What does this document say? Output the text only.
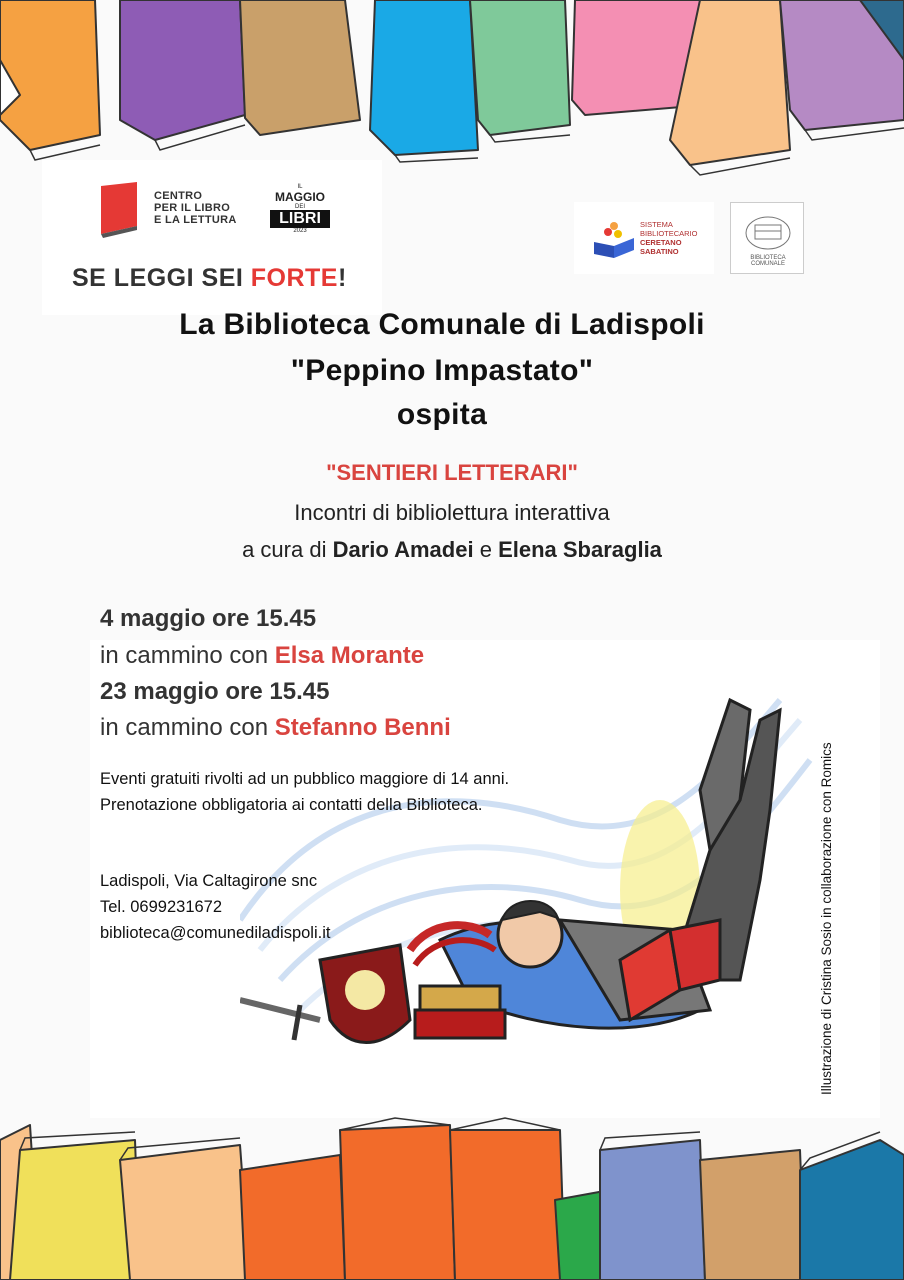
CENTRO
PER IL LIBRO
E LA LETTURA
IL
MAGGIO
DEI
LIBRI
2023
SE LEGGI SEI FORTE!
SISTEMA
BIBLIOTECARIO
CERETANO
SABATINO
BIBLIOTECA COMUNALE
La Biblioteca Comunale di Ladispoli
"Peppino Impastato"
ospita
"SENTIERI LETTERARI"
Incontri di bibliolettura interattiva
a cura di Dario Amadei e Elena Sbaraglia
4 maggio ore 15.45
in cammino con Elsa Morante
23 maggio ore 15.45
in cammino con Stefanno Benni
Eventi gratuiti rivolti ad un pubblico maggiore di 14 anni.
Prenotazione obbligatoria ai contatti della Biblioteca.
Ladispoli, Via Caltagirone snc
Tel. 0699231672
biblioteca@comunediladispoli.it	Illustrazione di Cristina Sosio in collaborazione con Romics
